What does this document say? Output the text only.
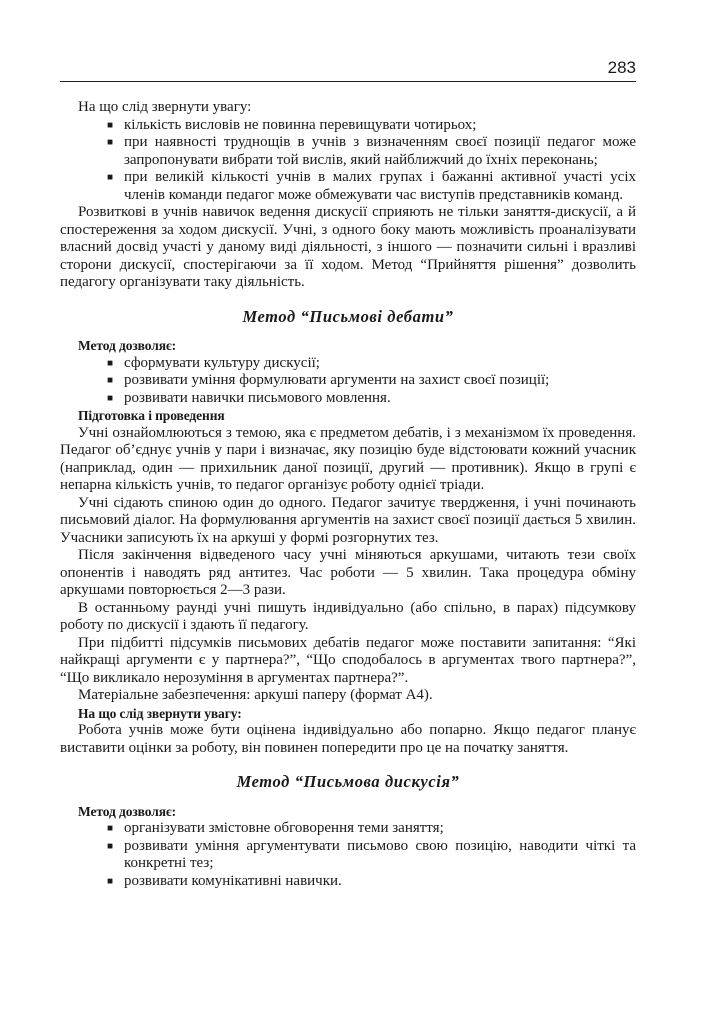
283

На що слід звернути увагу:

■ кількість висловів не повинна перевищувати чотирьох;
■ при наявності труднощів в учнів з визначенням своєї позиції педагог може запропонувати вибрати той вислів, який найближчий до їхніх переконань;
■ при великій кількості учнів в малих групах і бажанні активної участі усіх членів команди педагог може обмежувати час виступів представників команд.

Розвиткові в учнів навичок ведення дискусії сприяють не тільки заняття-дискусії, а й спостереження за ходом дискусії. Учні, з одного боку мають можливість проаналізувати власний досвід участі у даному виді діяльності, з іншого — позначити сильні і вразливі сторони дискусії, спостерігаючи за її ходом. Метод “Прийняття рішення” дозволить педагогу організувати таку діяльність.

Метод “Письмові дебати”

Метод дозволяє:

■ сформувати культуру дискусії;
■ розвивати уміння формулювати аргументи на захист своєї позиції;
■ розвивати навички письмового мовлення.

Підготовка і проведення

Учні ознайомлюються з темою, яка є предметом дебатів, і з механізмом їх проведення. Педагог об’єднує учнів у пари і визначає, яку позицію буде відстоювати кожний учасник (наприклад, один — прихильник даної позиції, другий — противник). Якщо в групі є непарна кількість учнів, то педагог організує роботу однієї тріади.

Учні сідають спиною один до одного. Педагог зачитує твердження, і учні починають письмовий діалог. На формулювання аргументів на захист своєї позиції дається 5 хвилин. Учасники записують їх на аркуші у формі розгорнутих тез.

Після закінчення відведеного часу учні міняються аркушами, читають тези своїх опонентів і наводять ряд антитез. Час роботи — 5 хвилин. Така процедура обміну аркушами повторюється 2—3 рази.

В останньому раунді учні пишуть індивідуально (або спільно, в парах) підсумкову роботу по дискусії і здають її педагогу.

При підбитті підсумків письмових дебатів педагог може поставити запитання: “Які найкращі аргументи є у партнера?”, “Що сподобалось в аргументах твого партнера?”, “Що викликало нерозуміння в аргументах партнера?”.

Матеріальне забезпечення: аркуші паперу (формат А4).

На що слід звернути увагу:

Робота учнів може бути оцінена індивідуально або попарно. Якщо педагог планує виставити оцінки за роботу, він повинен попередити про це на початку заняття.

Метод “Письмова дискусія”

Метод дозволяє:

■ організувати змістовне обговорення теми заняття;
■ розвивати уміння аргументувати письмово свою позицію, наводити чіткі та конкретні тез;
■ розвивати комунікативні навички.
